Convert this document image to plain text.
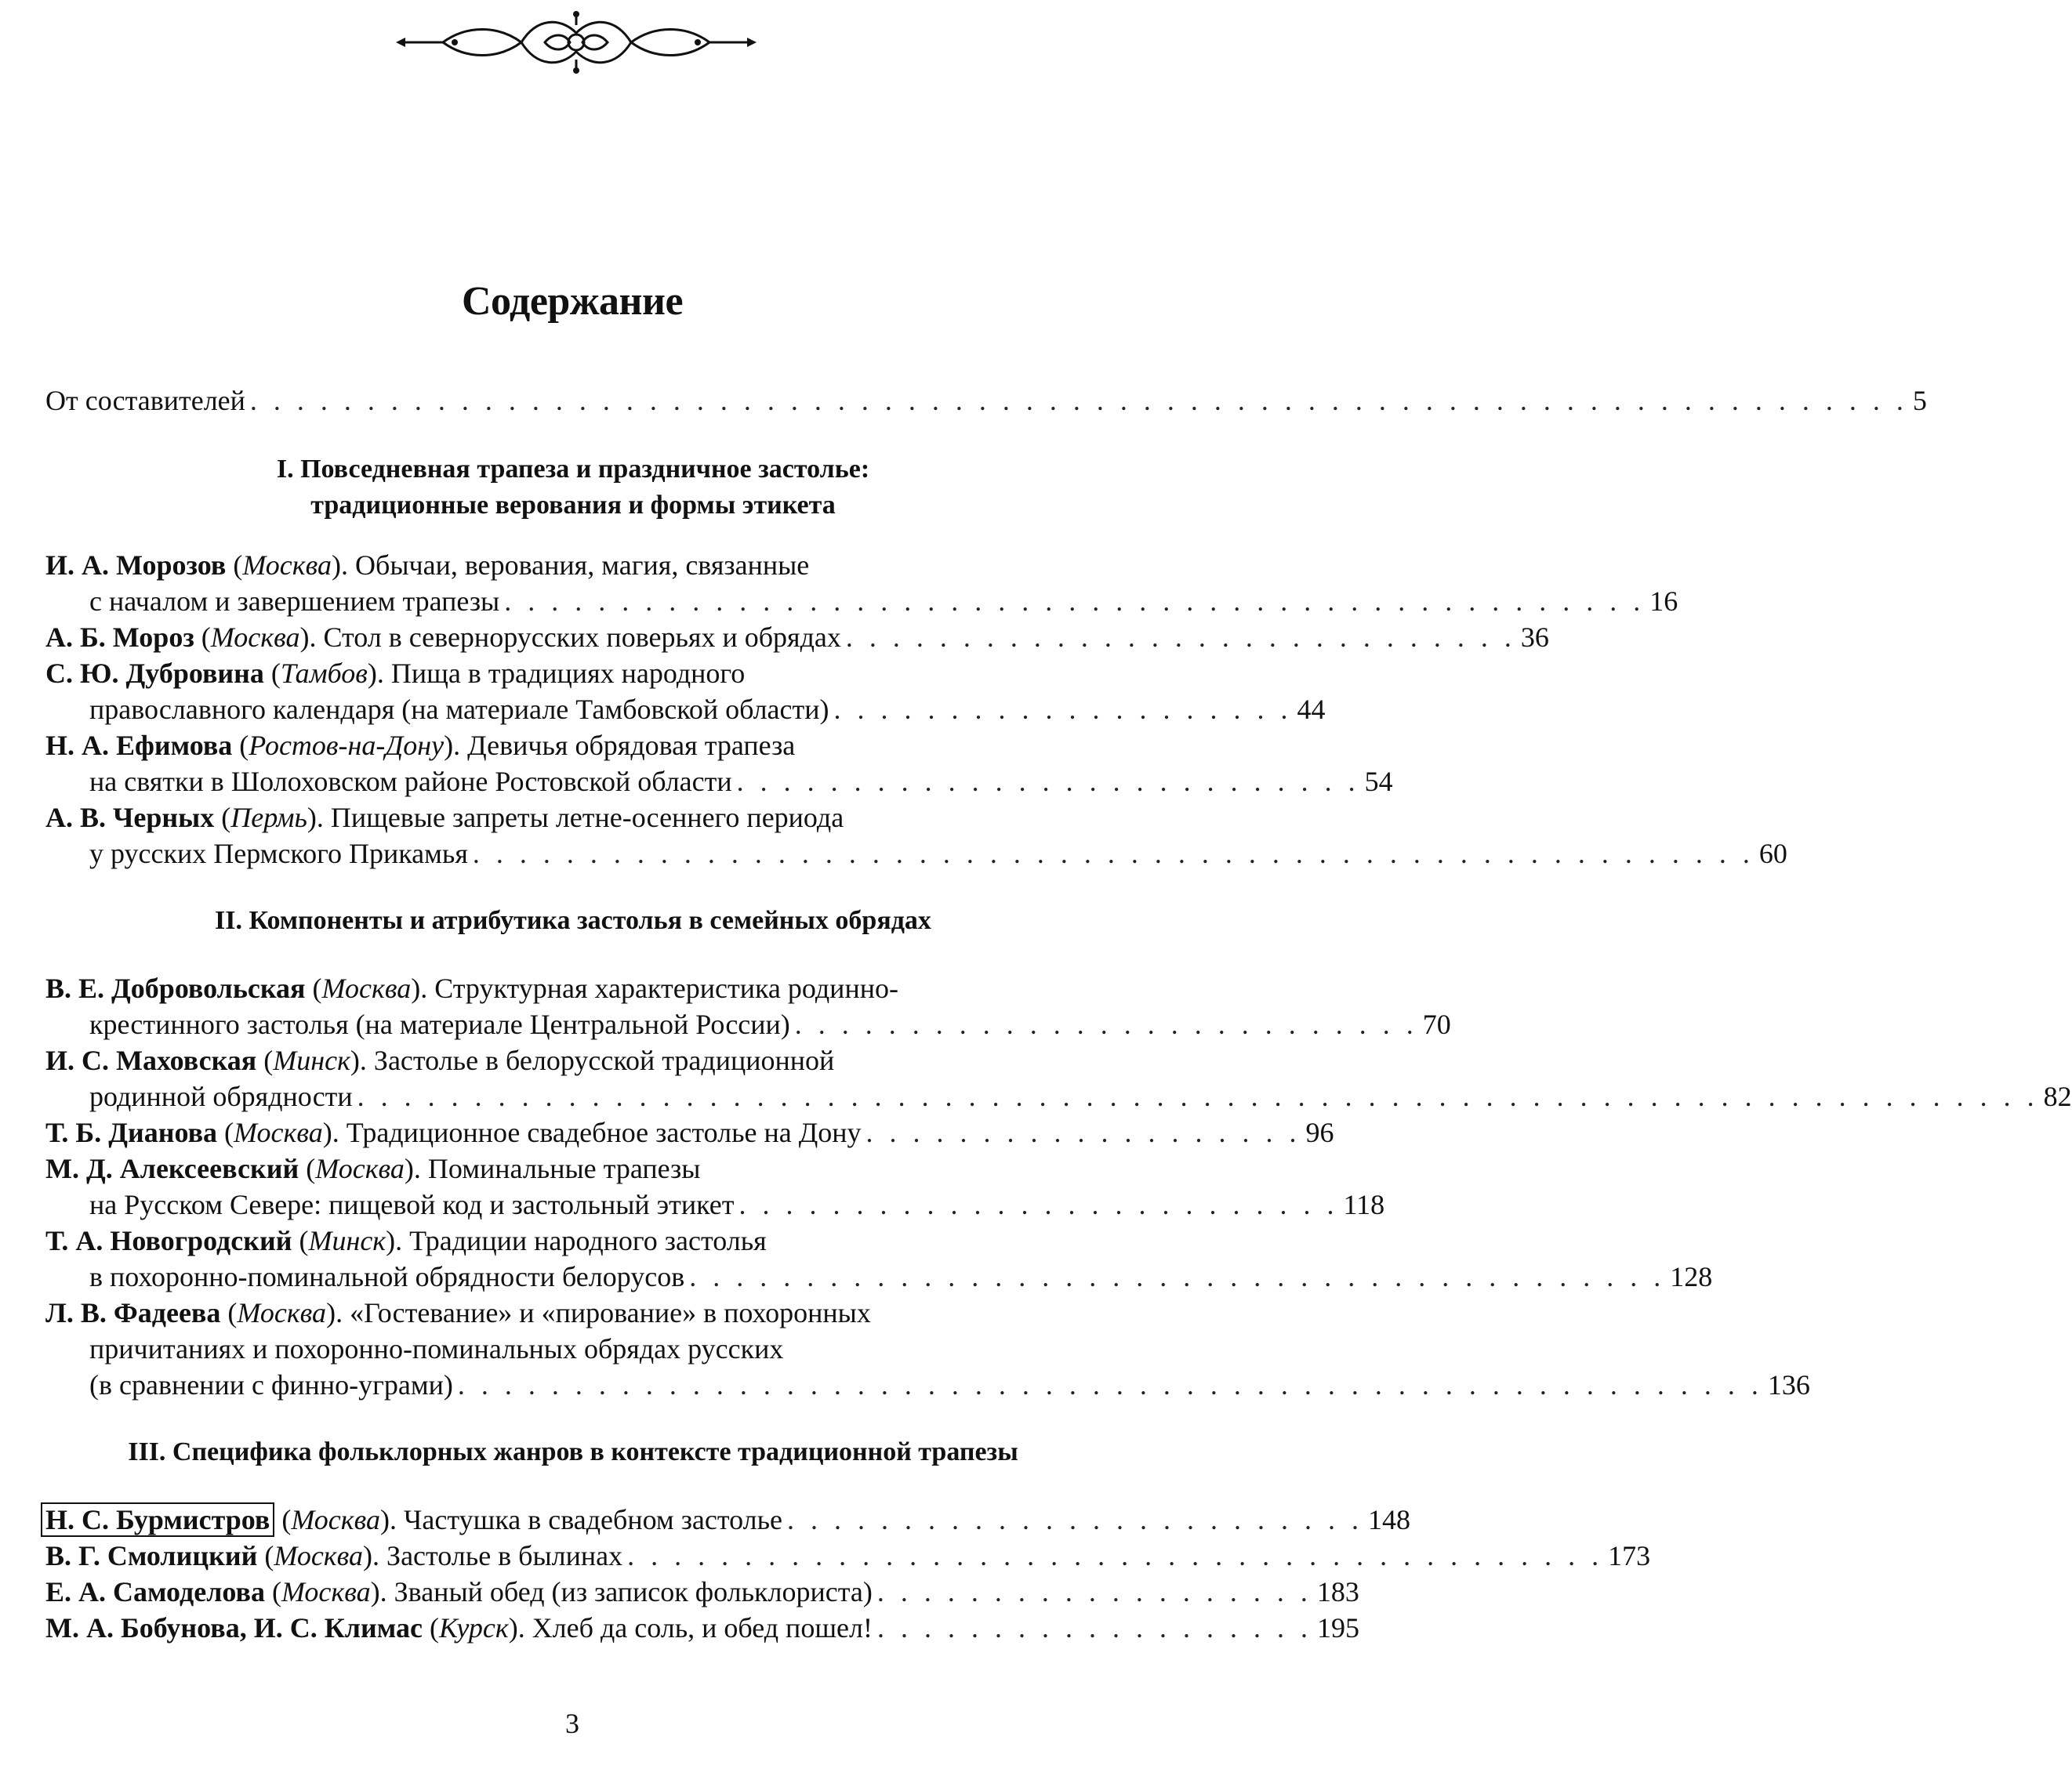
Содержание
От составителей . . . . . . . . . . . . . . . . . . . . . . . . . . . . . . . . . . . . . . . . . . . . . . . . . . . . . . . . . . . . . . . . . . . . . . . 5
I. Повседневная трапеза и праздничное застолье:
традиционные верования и формы этикета
И. А. Морозов (Москва). Обычаи, верования, магия, связанные
с началом и завершением трапезы . . . . . . . . . . . . . . . . . . . . . . . . . . . . . . . . . . . . . . . . . . . . . . . . . 16
А. Б. Мороз (Москва). Стол в севернорусских поверьях и обрядах . . . . . . . . . . . . . . . . . . . . . . . . . . . . . 36
С. Ю. Дубровина (Тамбов). Пища в традициях народного
православного календаря (на материале Тамбовской области) . . . . . . . . . . . . . . . . . . . . 44
Н. А. Ефимова (Ростов-на-Дону). Девичья обрядовая трапеза
на святки в Шолоховском районе Ростовской области . . . . . . . . . . . . . . . . . . . . . . . . . . . 54
А. В. Черных (Пермь). Пищевые запреты летне-осеннего периода
у русских Пермского Прикамья . . . . . . . . . . . . . . . . . . . . . . . . . . . . . . . . . . . . . . . . . . . . . . . . . . . . . . . 60
II. Компоненты и атрибутика застолья в семейных обрядах
В. Е. Добровольская (Москва). Структурная характеристика родинно-
крестинного застолья (на материале Центральной России) . . . . . . . . . . . . . . . . . . . . . . . . . . . 70
И. С. Маховская (Минск). Застолье в белорусской традиционной
родинной обрядности . . . . . . . . . . . . . . . . . . . . . . . . . . . . . . . . . . . . . . . . . . . . . . . . . . . . . . . . . . . . . . . . . . . . . . . . 82
Т. Б. Дианова (Москва). Традиционное свадебное застолье на Дону . . . . . . . . . . . . . . . . . . . 96
М. Д. Алексеевский (Москва). Поминальные трапезы
на Русском Севере: пищевой код и застольный этикет . . . . . . . . . . . . . . . . . . . . . . . . . . 118
Т. А. Новогродский (Минск). Традиции народного застолья
в похоронно-поминальной обрядности белорусов . . . . . . . . . . . . . . . . . . . . . . . . . . . . . . . . . . . . . . . . . . 128
Л. В. Фадеева (Москва). «Гостевание» и «пирование» в похоронных
причитаниях и похоронно-поминальных обрядах русских
(в сравнении с финно-уграми) . . . . . . . . . . . . . . . . . . . . . . . . . . . . . . . . . . . . . . . . . . . . . . . . . . . . . . . . 136
III. Специфика фольклорных жанров в контексте традиционной трапезы
Н. С. Бурмистров (Москва). Частушка в свадебном застолье . . . . . . . . . . . . . . . . . . . . . . . . . 148
В. Г. Смолицкий (Москва). Застолье в былинах . . . . . . . . . . . . . . . . . . . . . . . . . . . . . . . . . . . . . . . . . . 173
Е. А. Самоделова (Москва). Званый обед (из записок фольклориста) . . . . . . . . . . . . . . . . . . . 183
М. А. Бобунова, И. С. Климас (Курск). Хлеб да соль, и обед пошел! . . . . . . . . . . . . . . . . . . . 195
3
